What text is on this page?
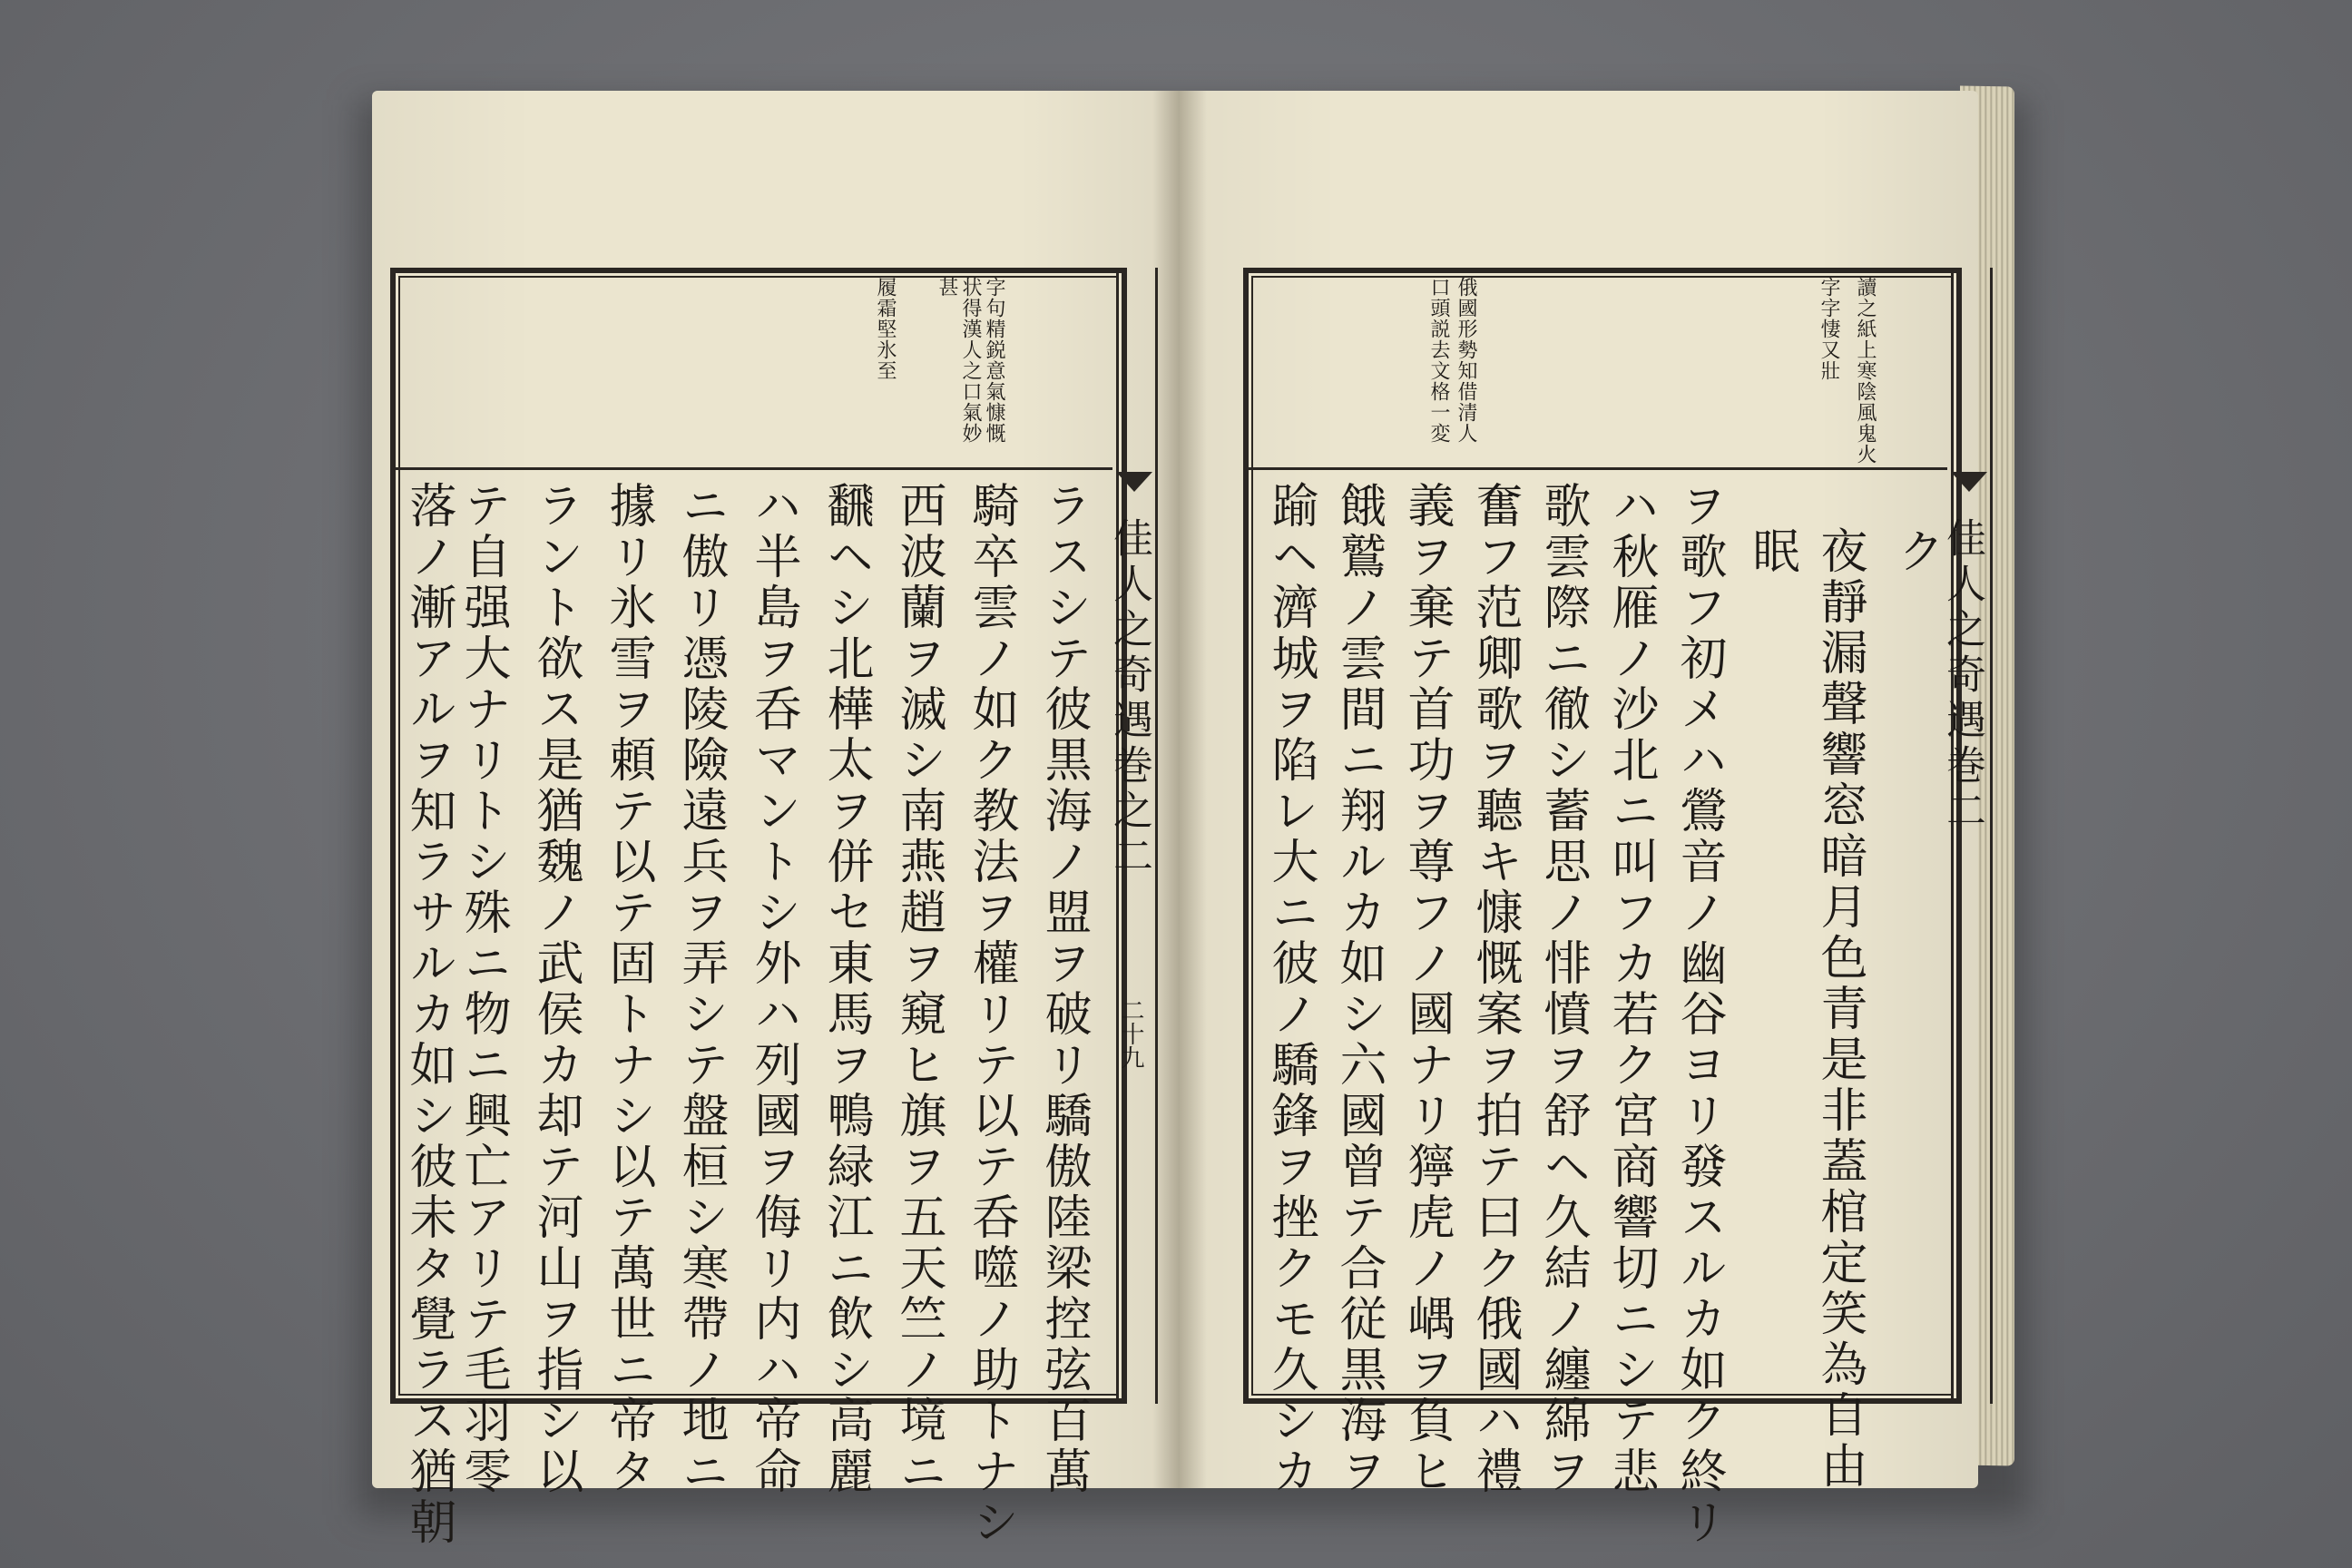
佳人之奇遇巻之二
二十九
字句精鋭意氣慷慨
状得漢人之口氣妙
甚
履霜堅氷至
ラスシテ彼黒海ノ盟ヲ破リ驕傲陸梁控弦百萬
騎卒雲ノ如ク教法ヲ權リテ以テ呑噬ノ助トナシ
西波蘭ヲ滅シ南燕趙ヲ窺ヒ旗ヲ五天竺ノ境ニ
飜ヘシ北樺太ヲ併セ東馬ヲ鴨緑江ニ飲シ高麗
ハ半島ヲ呑マントシ外ハ列國ヲ侮リ内ハ帝命
ニ傲リ憑陵險遠兵ヲ弄シテ盤桓シ寒帶ノ地ニ
據リ氷雪ヲ頼テ以テ固トナシ以テ萬世ニ帝タ
ラント欲ス是猶魏ノ武侯カ却テ河山ヲ指シ以
テ自强大ナリトシ殊ニ物ニ興亡アリテ毛羽零
落ノ漸アルヲ知ラサルカ如シ彼未タ覺ラス猶朝	佳人之奇遇巻二
讀之紙上寒陰風鬼火
字字悽又壯
俄國形勢知借清人
口頭説去文格一変
ク
夜靜漏聲響窓暗月色青是非蓋棺定笑為自由
眠
ヲ歌フ初メハ鶯音ノ幽谷ヨリ發スルカ如ク終リ
ハ秋雁ノ沙北ニ叫フカ若ク宮商響切ニシテ悲
歌雲際ニ徹シ蓄思ノ悱憤ヲ舒ヘ久結ノ纏綿ヲ
奮フ范卿歌ヲ聽キ慷慨案ヲ拍テ曰ク俄國ハ禮
義ヲ棄テ首功ヲ尊フノ國ナリ獰虎ノ嵎ヲ負ヒ
餓鷲ノ雲間ニ翔ルカ如シ六國曾テ合従黒海ヲ
踰ヘ濟城ヲ陷レ大ニ彼ノ驕鋒ヲ挫クモ久シカ
